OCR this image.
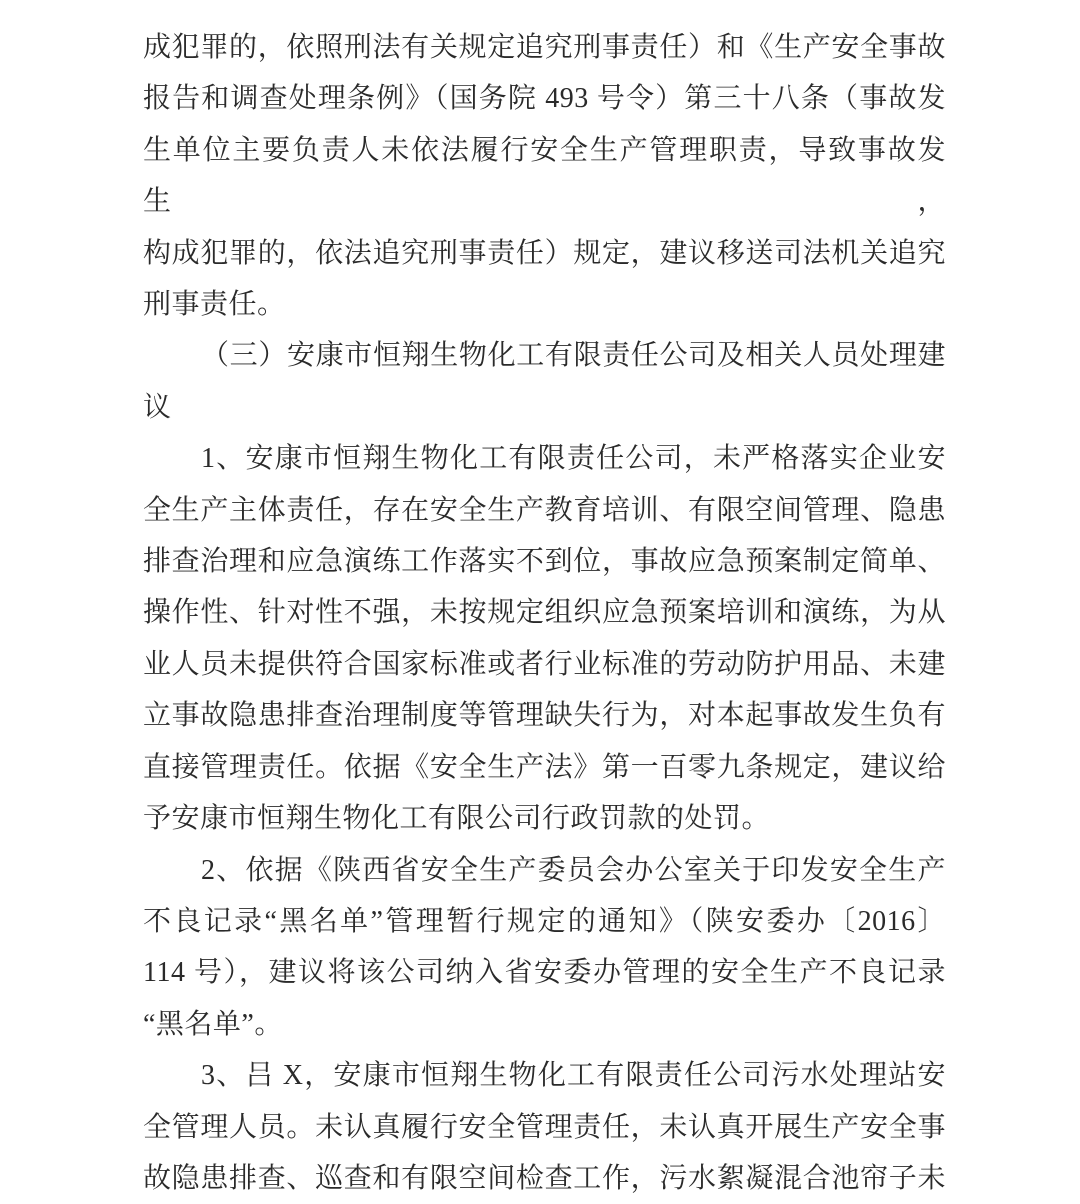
成犯罪的，依照刑法有关规定追究刑事责任）和《生产安全事故
报告和调查处理条例》（国务院 493 号令）第三十八条（事故发
生单位主要负责人未依法履行安全生产管理职责，导致事故发生，
构成犯罪的，依法追究刑事责任）规定，建议移送司法机关追究
刑事责任。
（三）安康市恒翔生物化工有限责任公司及相关人员处理建
议
1、安康市恒翔生物化工有限责任公司，未严格落实企业安
全生产主体责任，存在安全生产教育培训、有限空间管理、隐患
排查治理和应急演练工作落实不到位，事故应急预案制定简单、
操作性、针对性不强，未按规定组织应急预案培训和演练，为从
业人员未提供符合国家标准或者行业标准的劳动防护用品、未建
立事故隐患排查治理制度等管理缺失行为，对本起事故发生负有
直接管理责任。依据《安全生产法》第一百零九条规定，建议给
予安康市恒翔生物化工有限公司行政罚款的处罚。
2、依据《陕西省安全生产委员会办公室关于印发安全生产
不良记录“黑名单”管理暂行规定的通知》（陕安委办〔2016〕
114 号），建议将该公司纳入省安委办管理的安全生产不良记录
“黑名单”。
3、吕 X，安康市恒翔生物化工有限责任公司污水处理站安
全管理人员。未认真履行安全管理责任，未认真开展生产安全事
故隐患排查、巡查和有限空间检查工作，污水絮凝混合池帘子未
